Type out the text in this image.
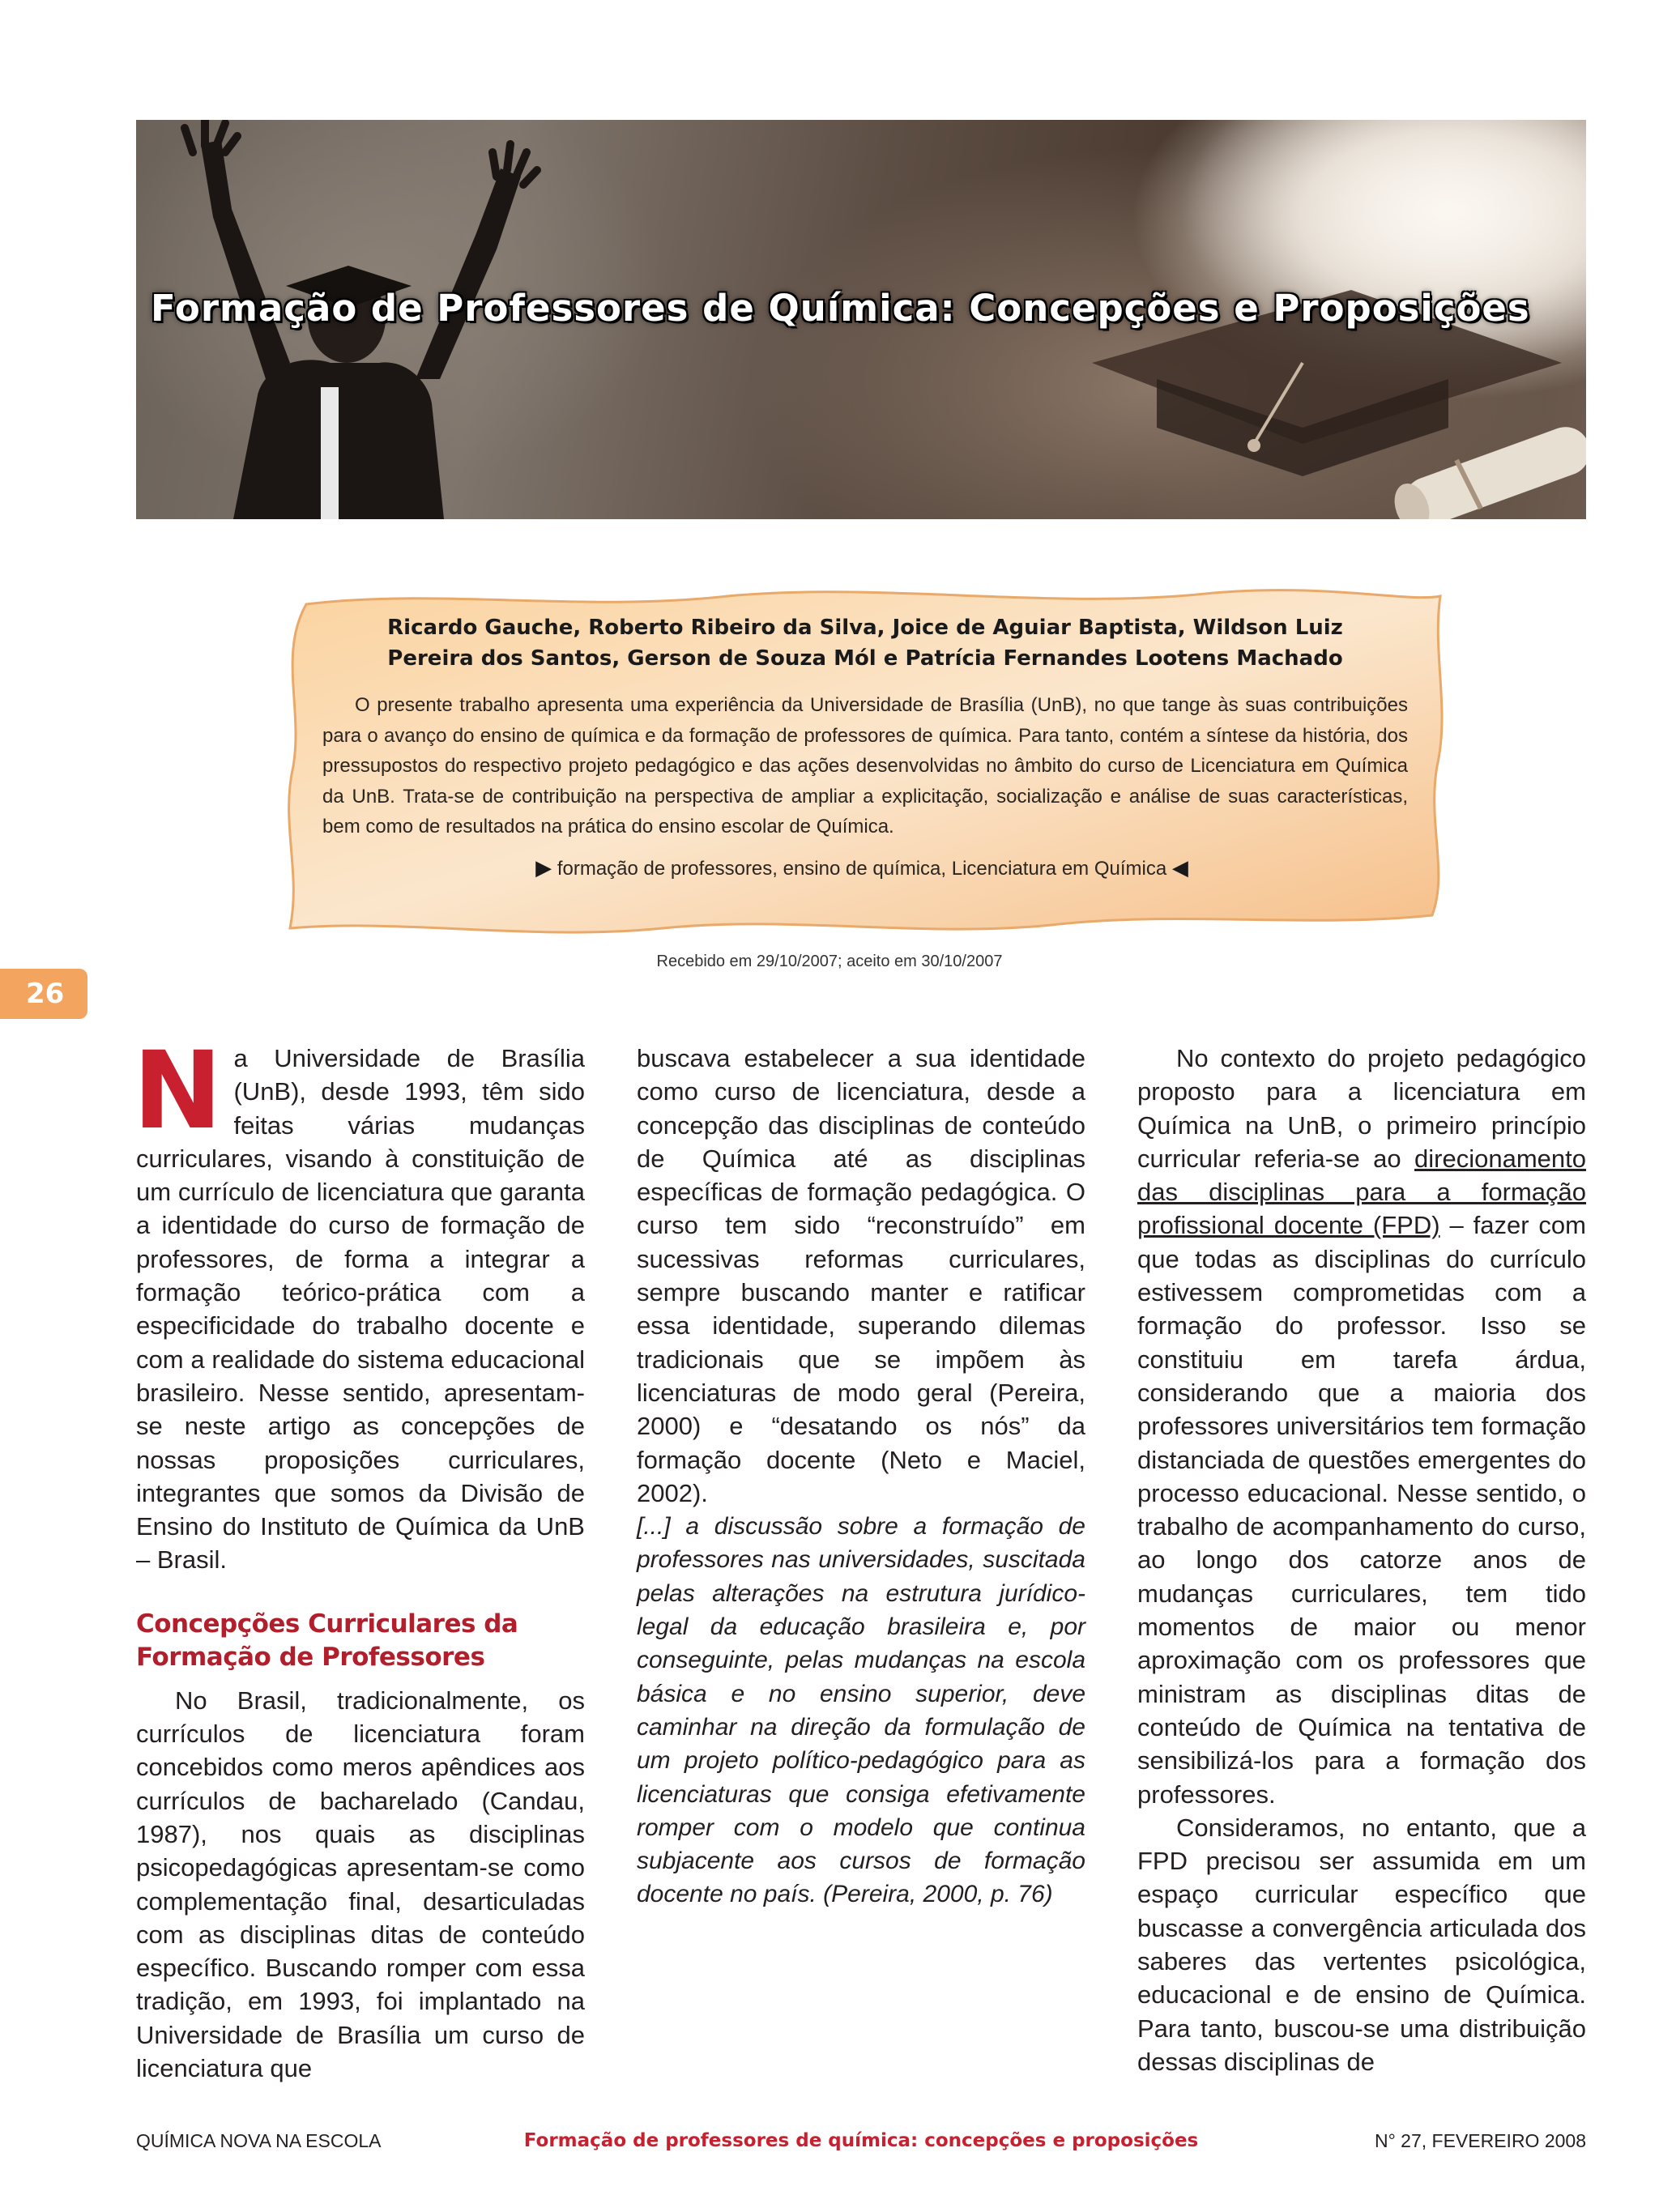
Formação de Professores de Química: Concepções e Proposições

Ricardo Gauche, Roberto Ribeiro da Silva, Joice de Aguiar Baptista, Wildson Luiz Pereira dos Santos, Gerson de Souza Mól e Patrícia Fernandes Lootens Machado

O presente trabalho apresenta uma experiência da Universidade de Brasília (UnB), no que tange às suas contribuições para o avanço do ensino de química e da formação de professores de química. Para tanto, contém a síntese da história, dos pressupostos do respectivo projeto pedagógico e das ações desenvolvidas no âmbito do curso de Licenciatura em Química da UnB. Trata-se de contribuição na perspectiva de ampliar a explicitação, socialização e análise de suas características, bem como de resultados na prática do ensino escolar de Química.

▶ formação de professores, ensino de química, Licenciatura em Química ◀
Recebido em 29/10/2007; aceito em 30/10/2007
26

Na Universidade de Brasília (UnB), desde 1993, têm sido feitas várias mudanças curriculares, visando à constituição de um currículo de licenciatura que garanta a identidade do curso de formação de professores, de forma a integrar a formação teórico-prática com a especificidade do trabalho docente e com a realidade do sistema educacional brasileiro. Nesse sentido, apresentam-se neste artigo as concepções de nossas proposições curriculares, integrantes que somos da Divisão de Ensino do Instituto de Química da UnB – Brasil.

Concepções Curriculares da Formação de Professores

No Brasil, tradicionalmente, os currículos de licenciatura foram concebidos como meros apêndices aos currículos de bacharelado (Candau, 1987), nos quais as disciplinas psicopedagógicas apresentam-se como complementação final, desarticuladas com as disciplinas ditas de conteúdo específico. Buscando romper com essa tradição, em 1993, foi implantado na Universidade de Brasília um curso de licenciatura que

buscava estabelecer a sua identidade como curso de licenciatura, desde a concepção das disciplinas de conteúdo de Química até as disciplinas específicas de formação pedagógica. O curso tem sido “reconstruído” em sucessivas reformas curriculares, sempre buscando manter e ratificar essa identidade, superando dilemas tradicionais que se impõem às licenciaturas de modo geral (Pereira, 2000) e “desatando os nós” da formação docente (Neto e Maciel, 2002).

[...] a discussão sobre a formação de professores nas universidades, suscitada pelas alterações na estrutura jurídico-legal da educação brasileira e, por conseguinte, pelas mudanças na escola básica e no ensino superior, deve caminhar na direção da formulação de um projeto político-pedagógico para as licenciaturas que consiga efetivamente romper com o modelo que continua subjacente aos cursos de formação docente no país. (Pereira, 2000, p. 76)

No contexto do projeto pedagógico proposto para a licenciatura em Química na UnB, o primeiro princípio curricular referia-se ao direcionamento das disciplinas para a formação profissional docente (FPD) – fazer com que todas as disciplinas do currículo estivessem comprometidas com a formação do professor. Isso se constituiu em tarefa árdua, considerando que a maioria dos professores universitários tem formação distanciada de questões emergentes do processo educacional. Nesse sentido, o trabalho de acompanhamento do curso, ao longo dos catorze anos de mudanças curriculares, tem tido momentos de maior ou menor aproximação com os professores que ministram as disciplinas ditas de conteúdo de Química na tentativa de sensibilizá-los para a formação dos professores.

Consideramos, no entanto, que a FPD precisou ser assumida em um espaço curricular específico que buscasse a convergência articulada dos saberes das vertentes psicológica, educacional e de ensino de Química. Para tanto, buscou-se uma distribuição dessas disciplinas de

QUÍMICA NOVA NA ESCOLA	Formação de professores de química: concepções e proposições	N° 27, FEVEREIRO 2008
